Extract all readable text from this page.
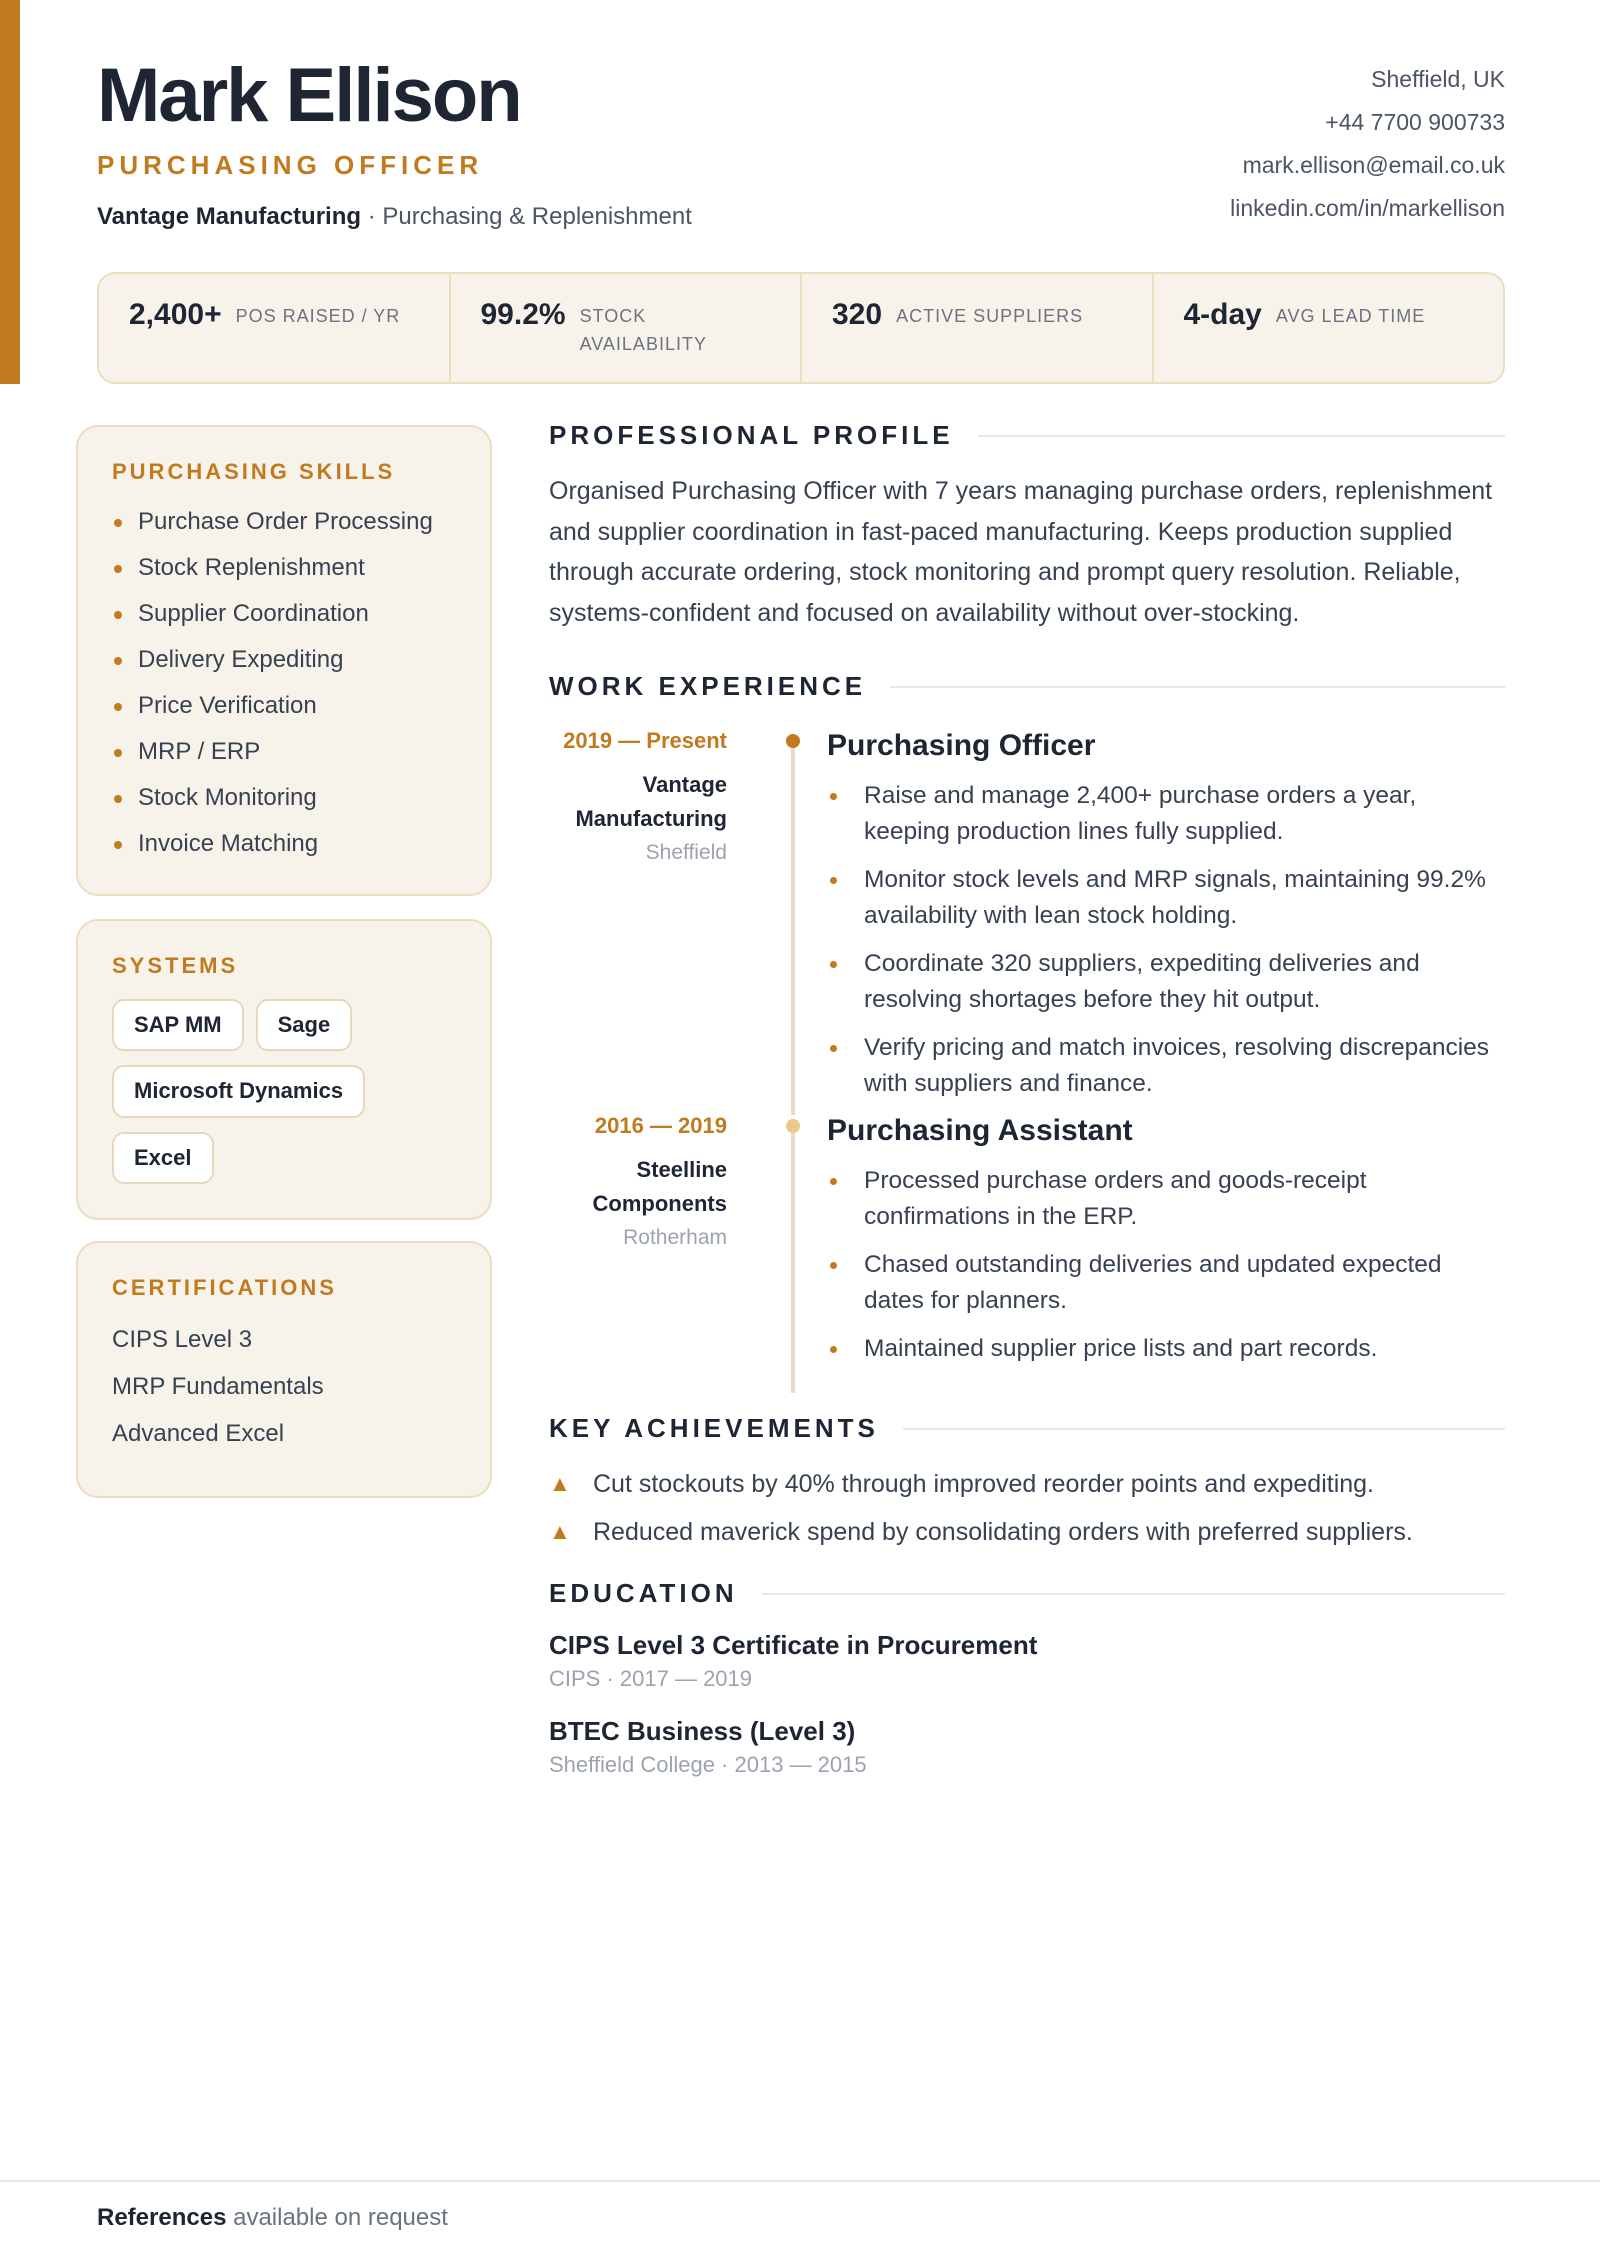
Mark Ellison
PURCHASING OFFICER
Vantage Manufacturing · Purchasing & Replenishment
Sheffield, UK
+44 7700 900733
mark.ellison@email.co.uk
linkedin.com/in/markellison
2,400+ POS RAISED / YR	99.2% STOCK AVAILABILITY
320 ACTIVE SUPPLIERS	4-day AVG LEAD TIME
PURCHASING SKILLS
Purchase Order Processing
Stock Replenishment
Supplier Coordination
Delivery Expediting
Price Verification
MRP / ERP
Stock Monitoring
Invoice Matching
SYSTEMS
SAP MM	Sage
Microsoft Dynamics
Excel
CERTIFICATIONS
CIPS Level 3
MRP Fundamentals
Advanced Excel
PROFESSIONAL PROFILE
Organised Purchasing Officer with 7 years managing purchase orders, replenishment and supplier coordination in fast-paced manufacturing. Keeps production supplied through accurate ordering, stock monitoring and prompt query resolution. Reliable, systems-confident and focused on availability without over-stocking.
WORK EXPERIENCE
2019 — Present
Vantage Manufacturing
Sheffield
Purchasing Officer
Raise and manage 2,400+ purchase orders a year, keeping production lines fully supplied.
Monitor stock levels and MRP signals, maintaining 99.2% availability with lean stock holding.
Coordinate 320 suppliers, expediting deliveries and resolving shortages before they hit output.
Verify pricing and match invoices, resolving discrepancies with suppliers and finance.
2016 — 2019
Steelline Components
Rotherham
Purchasing Assistant
Processed purchase orders and goods-receipt confirmations in the ERP.
Chased outstanding deliveries and updated expected dates for planners.
Maintained supplier price lists and part records.
KEY ACHIEVEMENTS
▲ Cut stockouts by 40% through improved reorder points and expediting.
▲ Reduced maverick spend by consolidating orders with preferred suppliers.
EDUCATION
CIPS Level 3 Certificate in Procurement
CIPS · 2017 — 2019
BTEC Business (Level 3)
Sheffield College · 2013 — 2015
References available on request
